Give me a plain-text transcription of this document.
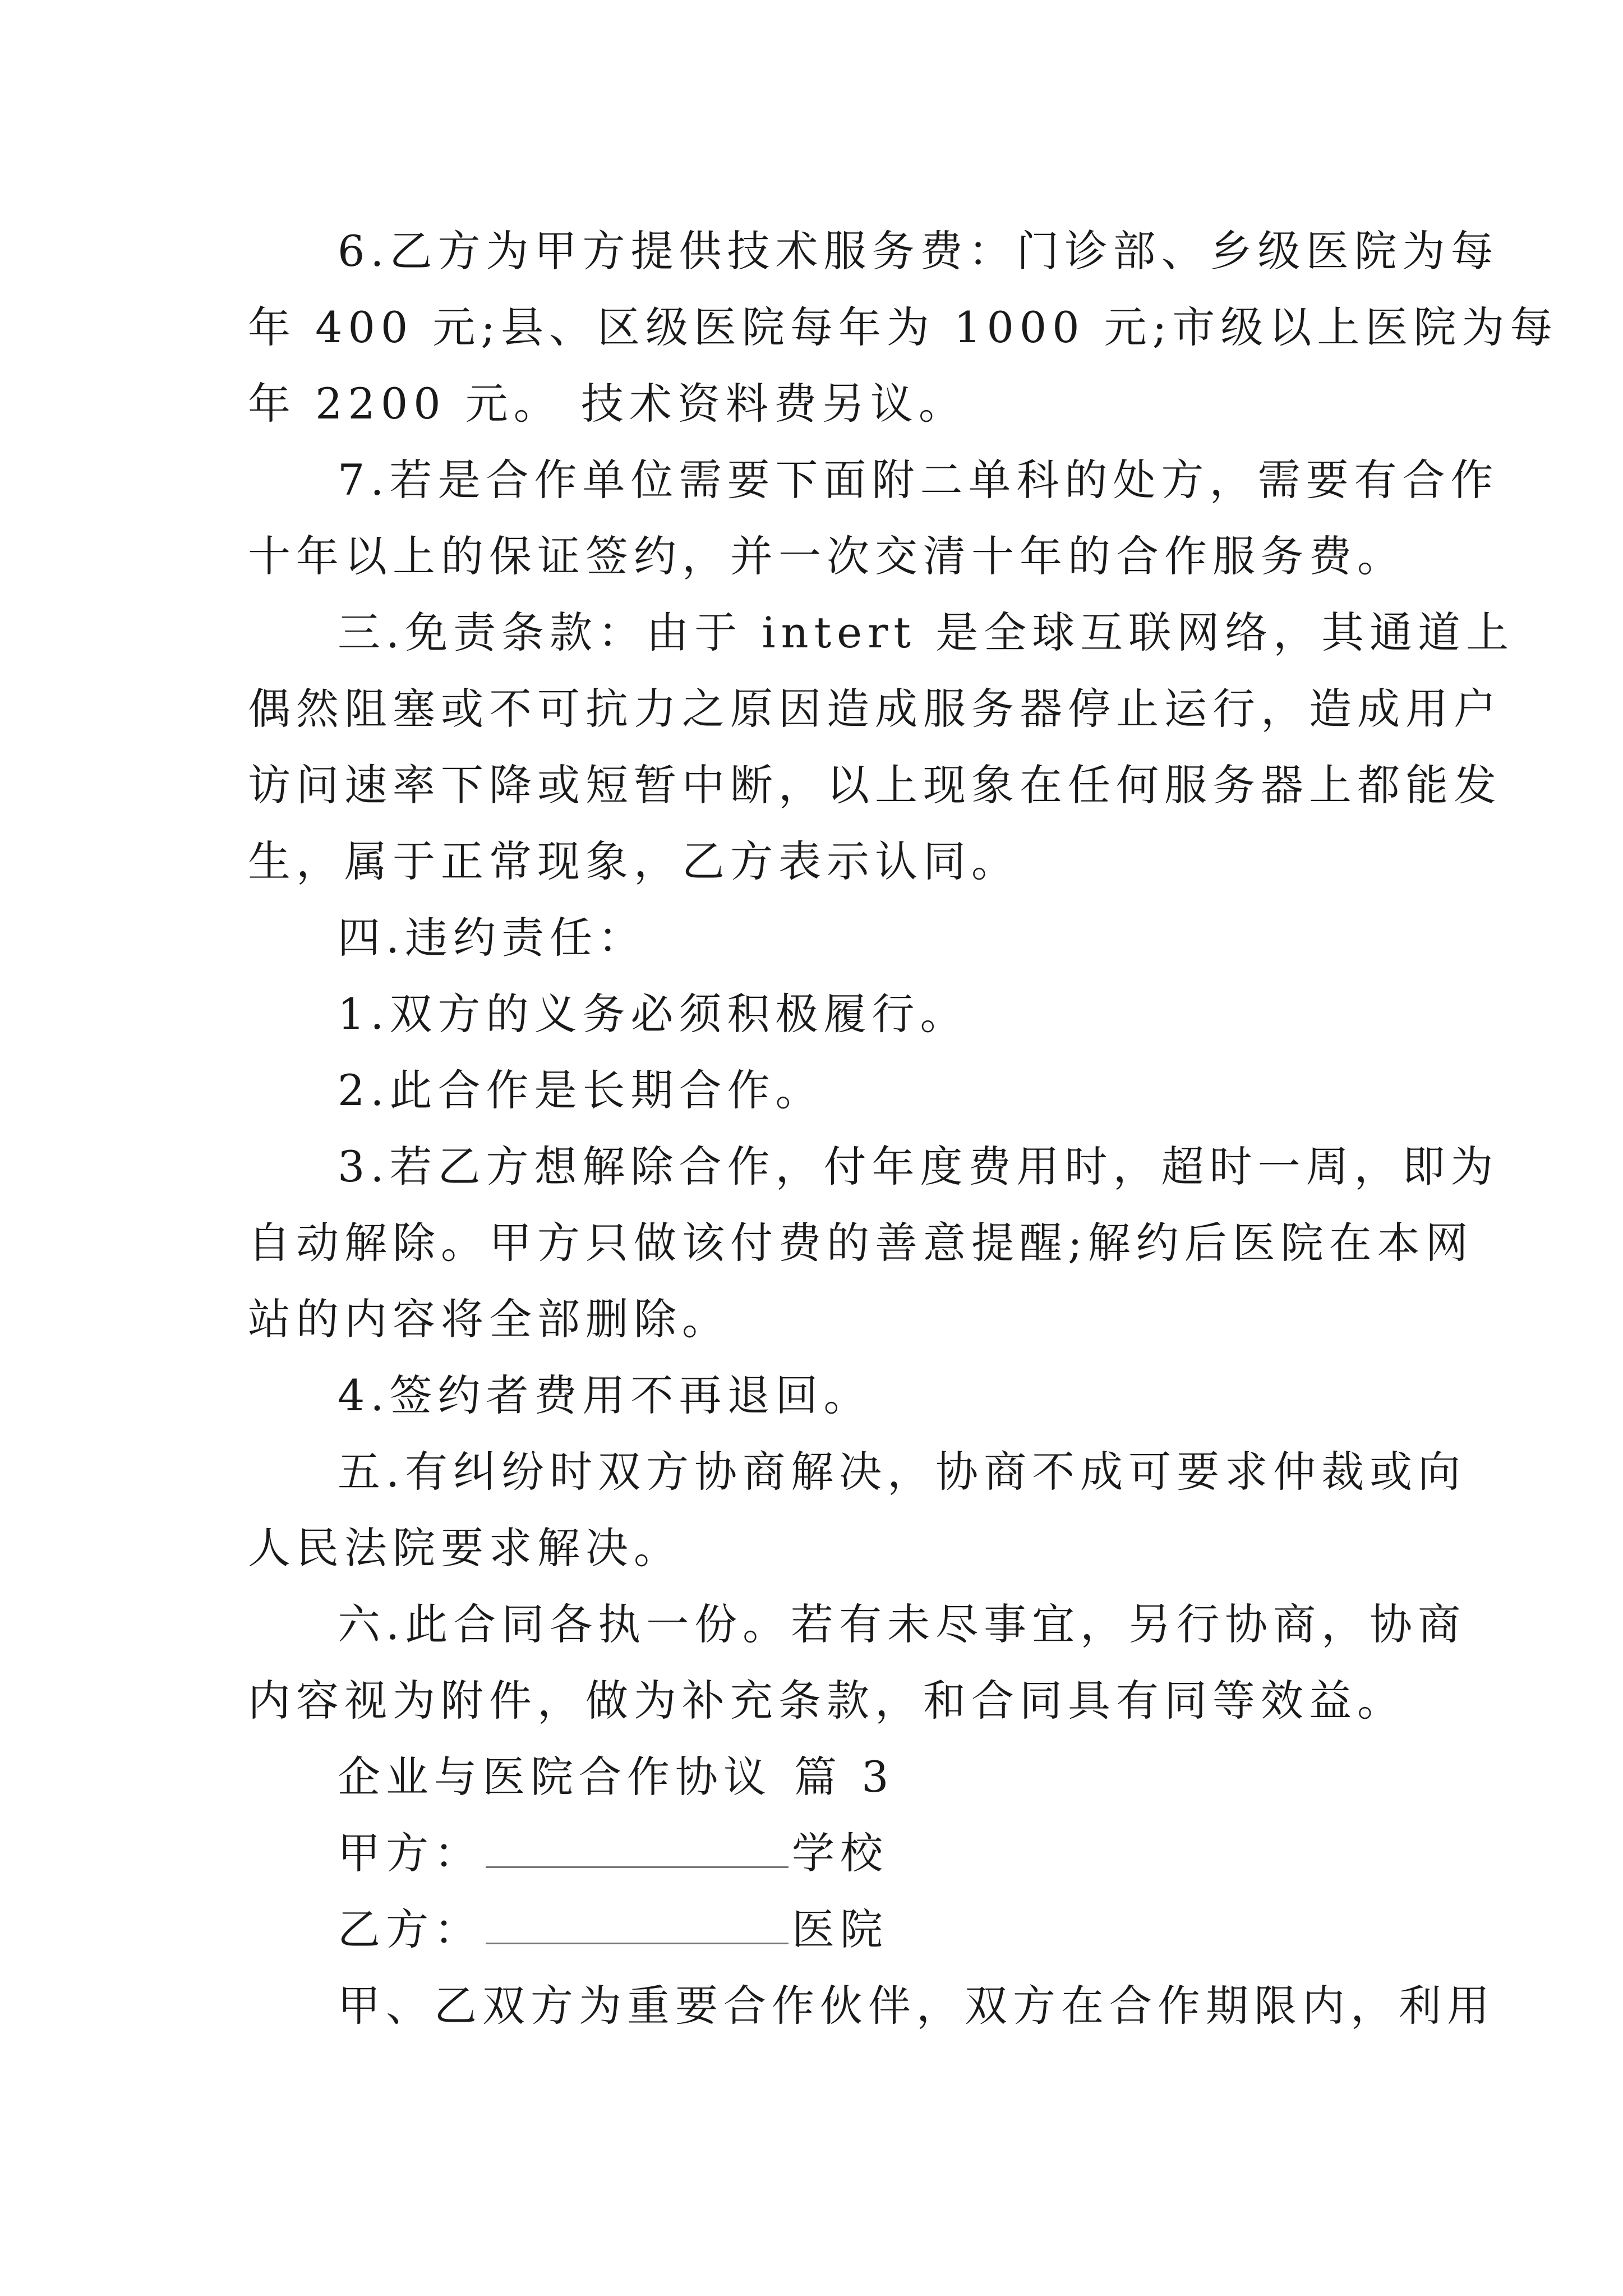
6.乙方为甲方提供技术服务费：门诊部、乡级医院为每
年 400 元;县、区级医院每年为 1000 元;市级以上医院为每
年 2200 元。 技术资料费另议。
7.若是合作单位需要下面附二单科的处方，需要有合作
十年以上的保证签约，并一次交清十年的合作服务费。
三.免责条款：由于 intert 是全球互联网络，其通道上
偶然阻塞或不可抗力之原因造成服务器停止运行，造成用户
访问速率下降或短暂中断，以上现象在任何服务器上都能发
生，属于正常现象，乙方表示认同。
四.违约责任：
1.双方的义务必须积极履行。
2.此合作是长期合作。
3.若乙方想解除合作，付年度费用时，超时一周，即为
自动解除。甲方只做该付费的善意提醒;解约后医院在本网
站的内容将全部删除。
4.签约者费用不再退回。
五.有纠纷时双方协商解决，协商不成可要求仲裁或向
人民法院要求解决。
六.此合同各执一份。若有未尽事宜，另行协商，协商
内容视为附件，做为补充条款，和合同具有同等效益。
企业与医院合作协议 篇 3
甲方：	学校
乙方：	医院
甲、乙双方为重要合作伙伴，双方在合作期限内，利用
